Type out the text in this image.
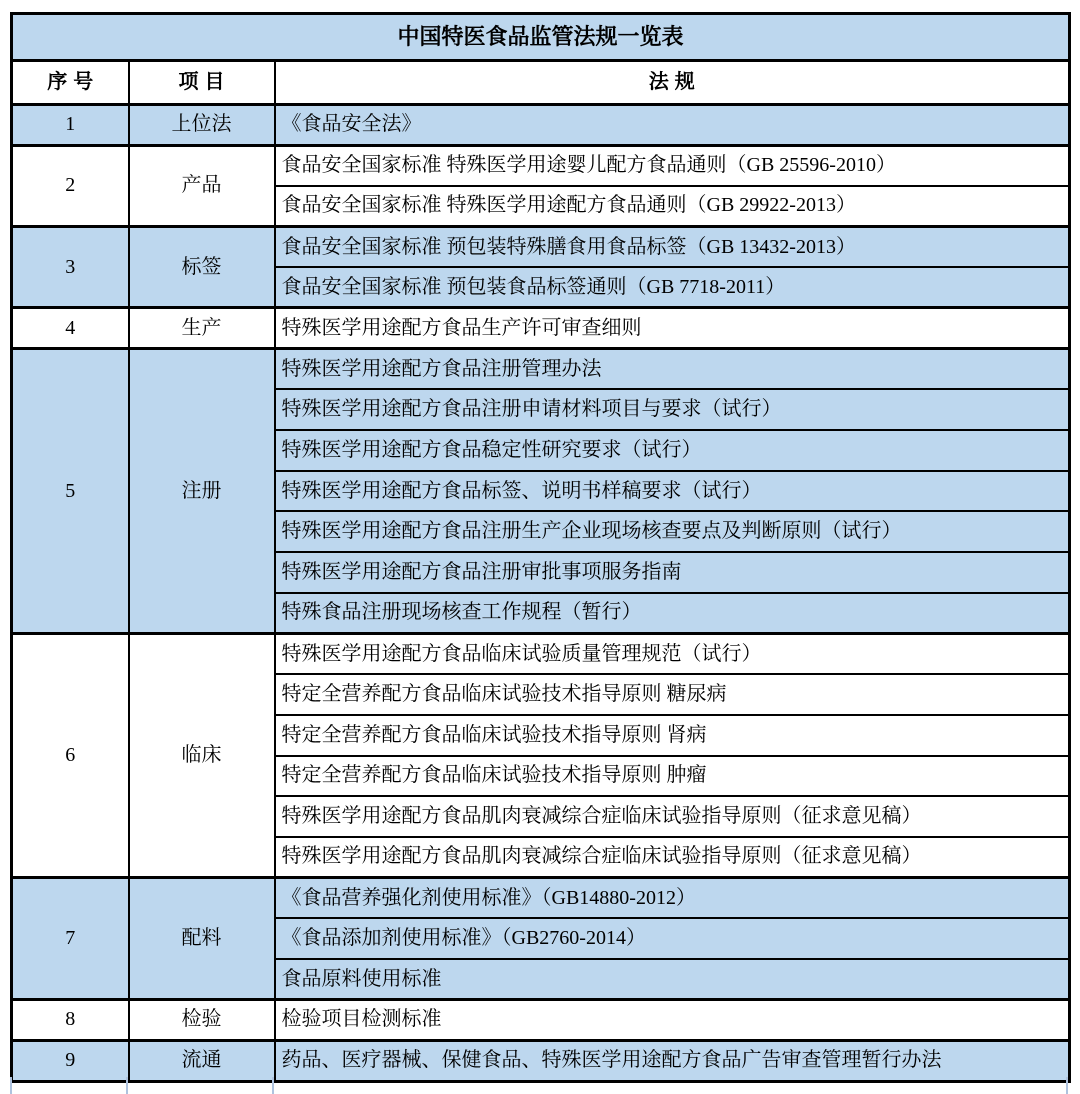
中国特医食品监管法规一览表		
序号	项目	法规
1	上位法	《食品安全法》
2	产品	食品安全国家标准 特殊医学用途婴儿配方食品通则（GB 25596-2010）
		食品安全国家标准 特殊医学用途配方食品通则（GB 29922-2013）
3	标签	食品安全国家标准 预包装特殊膳食用食品标签（GB 13432-2013）
		食品安全国家标准 预包装食品标签通则（GB 7718-2011）
4	生产	特殊医学用途配方食品生产许可审查细则
5	注册	特殊医学用途配方食品注册管理办法
		特殊医学用途配方食品注册申请材料项目与要求（试行）
		特殊医学用途配方食品稳定性研究要求（试行）
		特殊医学用途配方食品标签、说明书样稿要求（试行）
		特殊医学用途配方食品注册生产企业现场核查要点及判断原则（试行）
		特殊医学用途配方食品注册审批事项服务指南
		特殊食品注册现场核查工作规程（暂行）
6	临床	特殊医学用途配方食品临床试验质量管理规范（试行）
		特定全营养配方食品临床试验技术指导原则 糖尿病
		特定全营养配方食品临床试验技术指导原则 肾病
		特定全营养配方食品临床试验技术指导原则 肿瘤
		特殊医学用途配方食品肌肉衰减综合症临床试验指导原则（征求意见稿）
		特殊医学用途配方食品肌肉衰减综合症临床试验指导原则（征求意见稿）
7	配料	《食品营养强化剂使用标准》（GB14880-2012）
		《食品添加剂使用标准》（GB2760-2014）
		食品原料使用标准
8	检验	检验项目检测标准
9	流通	药品、医疗器械、保健食品、特殊医学用途配方食品广告审查管理暂行办法
